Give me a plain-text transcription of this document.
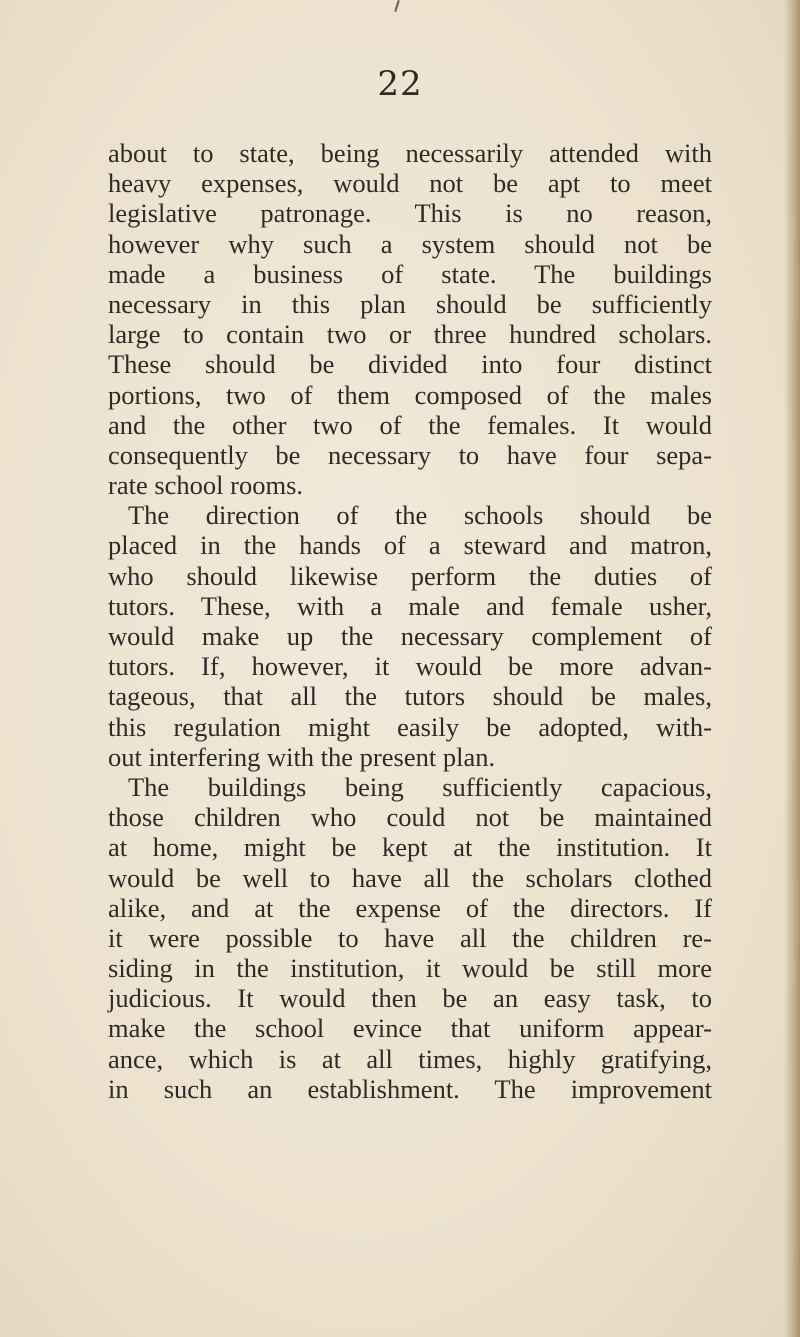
22
about to state, being necessarily attended with
heavy expenses, would not be apt to meet
legislative patronage. This is no reason,
however why such a system should not be
made a business of state. The buildings
necessary in this plan should be sufficiently
large to contain two or three hundred scholars.
These should be divided into four distinct
portions, two of them composed of the males
and the other two of the females. It would
consequently be necessary to have four sepa-
rate school rooms.
The direction of the schools should be
placed in the hands of a steward and matron,
who should likewise perform the duties of
tutors. These, with a male and female usher,
would make up the necessary complement of
tutors. If, however, it would be more advan-
tageous, that all the tutors should be males,
this regulation might easily be adopted, with-
out interfering with the present plan.
The buildings being sufficiently capacious,
those children who could not be maintained
at home, might be kept at the institution. It
would be well to have all the scholars clothed
alike, and at the expense of the directors. If
it were possible to have all the children re-
siding in the institution, it would be still more
judicious. It would then be an easy task, to
make the school evince that uniform appear-
ance, which is at all times, highly gratifying,
in such an establishment. The improvement
